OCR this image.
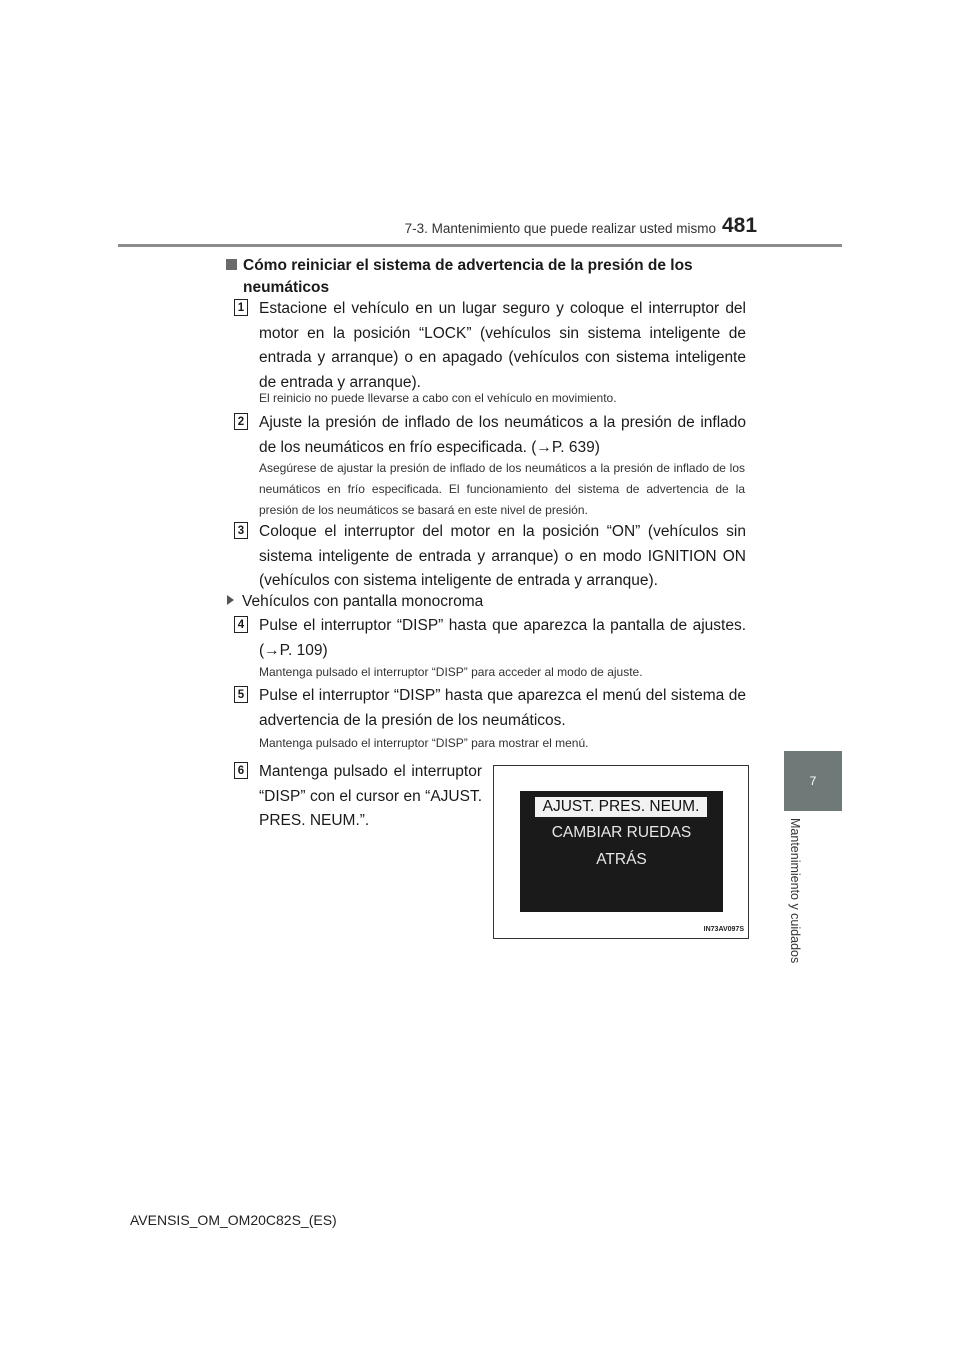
7-3. Mantenimiento que puede realizar usted mismo 481
7
Mantenimiento y cuidados
Cómo reiniciar el sistema de advertencia de la presión de los neumáticos
1 Estacione el vehículo en un lugar seguro y coloque el interruptor del motor en la posición “LOCK” (vehículos sin sistema inteligente de entrada y arranque) o en apagado (vehículos con sistema inteligente de entrada y arranque).
El reinicio no puede llevarse a cabo con el vehículo en movimiento.
2 Ajuste la presión de inflado de los neumáticos a la presión de inflado de los neumáticos en frío especificada. (→P. 639)
Asegúrese de ajustar la presión de inflado de los neumáticos a la presión de inflado de los neumáticos en frío especificada. El funcionamiento del sistema de advertencia de la presión de los neumáticos se basará en este nivel de presión.
3 Coloque el interruptor del motor en la posición “ON” (vehículos sin sistema inteligente de entrada y arranque) o en modo IGNITION ON (vehículos con sistema inteligente de entrada y arranque).
Vehículos con pantalla monocroma
4 Pulse el interruptor “DISP” hasta que aparezca la pantalla de ajustes. (→P. 109)
Mantenga pulsado el interruptor “DISP” para acceder al modo de ajuste.
5 Pulse el interruptor “DISP” hasta que aparezca el menú del sistema de advertencia de la presión de los neumáticos.
Mantenga pulsado el interruptor “DISP” para mostrar el menú.
6 Mantenga pulsado el interruptor “DISP” con el cursor en “AJUST. PRES. NEUM.”.
AJUST. PRES. NEUM.
CAMBIAR RUEDAS
ATRÁS
IN73AV097S
AVENSIS_OM_OM20C82S_(ES)
